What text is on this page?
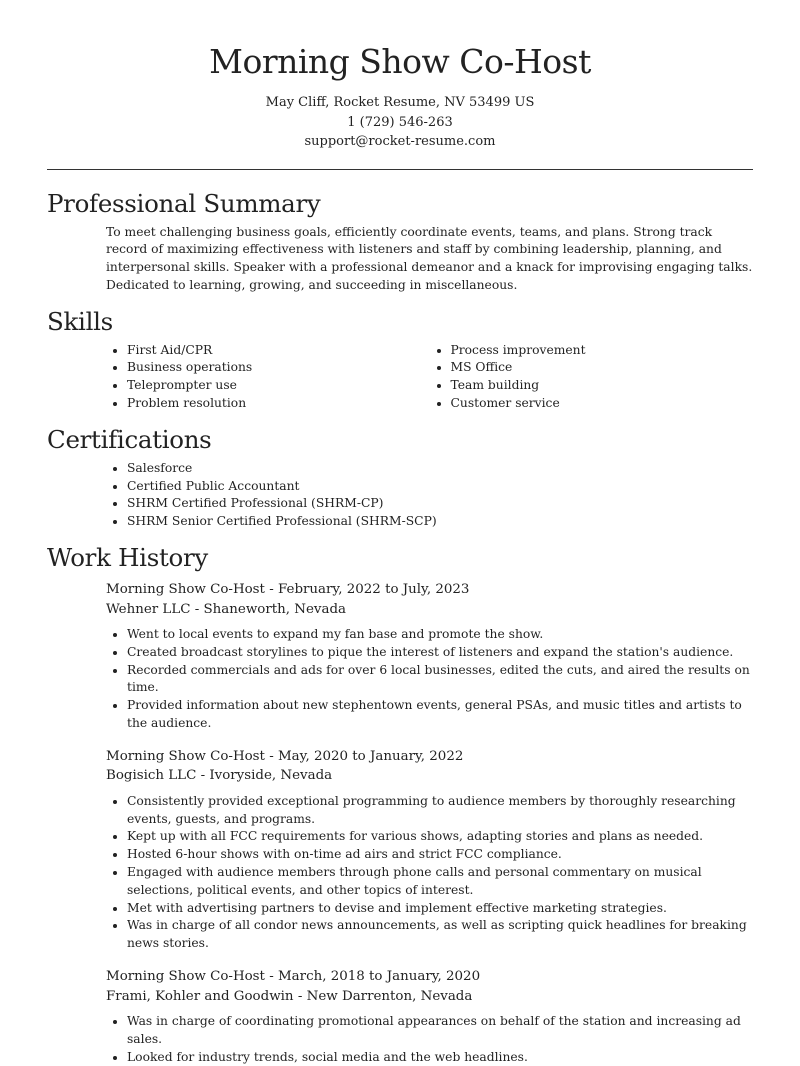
Morning Show Co-Host
May Cliff, Rocket Resume, NV 53499 US
1 (729) 546-263
support@rocket-resume.com
Professional Summary

To meet challenging business goals, efficiently coordinate events, teams, and plans. Strong track record of maximizing effectiveness with listeners and staff by combining leadership, planning, and interpersonal skills. Speaker with a professional demeanor and a knack for improvising engaging talks. Dedicated to learning, growing, and succeeding in miscellaneous.

Skills
• First Aid/CPR
• Business operations
• Teleprompter use
• Problem resolution
• Process improvement
• MS Office
• Team building
• Customer service
Certifications
• Salesforce
• Certified Public Accountant
• SHRM Certified Professional (SHRM-CP)
• SHRM Senior Certified Professional (SHRM-SCP)
Work History
Morning Show Co-Host - February, 2022 to July, 2023
Wehner LLC - Shaneworth, Nevada
• Went to local events to expand my fan base and promote the show.
• Created broadcast storylines to pique the interest of listeners and expand the station's audience.
• Recorded commercials and ads for over 6 local businesses, edited the cuts, and aired the results on time.
• Provided information about new stephentown events, general PSAs, and music titles and artists to the audience.
Morning Show Co-Host - May, 2020 to January, 2022
Bogisich LLC - Ivoryside, Nevada
• Consistently provided exceptional programming to audience members by thoroughly researching events, guests, and programs.
• Kept up with all FCC requirements for various shows, adapting stories and plans as needed.
• Hosted 6-hour shows with on-time ad airs and strict FCC compliance.
• Engaged with audience members through phone calls and personal commentary on musical selections, political events, and other topics of interest.
• Met with advertising partners to devise and implement effective marketing strategies.
• Was in charge of all condor news announcements, as well as scripting quick headlines for breaking news stories.
Morning Show Co-Host - March, 2018 to January, 2020
Frami, Kohler and Goodwin - New Darrenton, Nevada
• Was in charge of coordinating promotional appearances on behalf of the station and increasing ad sales.
• Looked for industry trends, social media and the web headlines.
